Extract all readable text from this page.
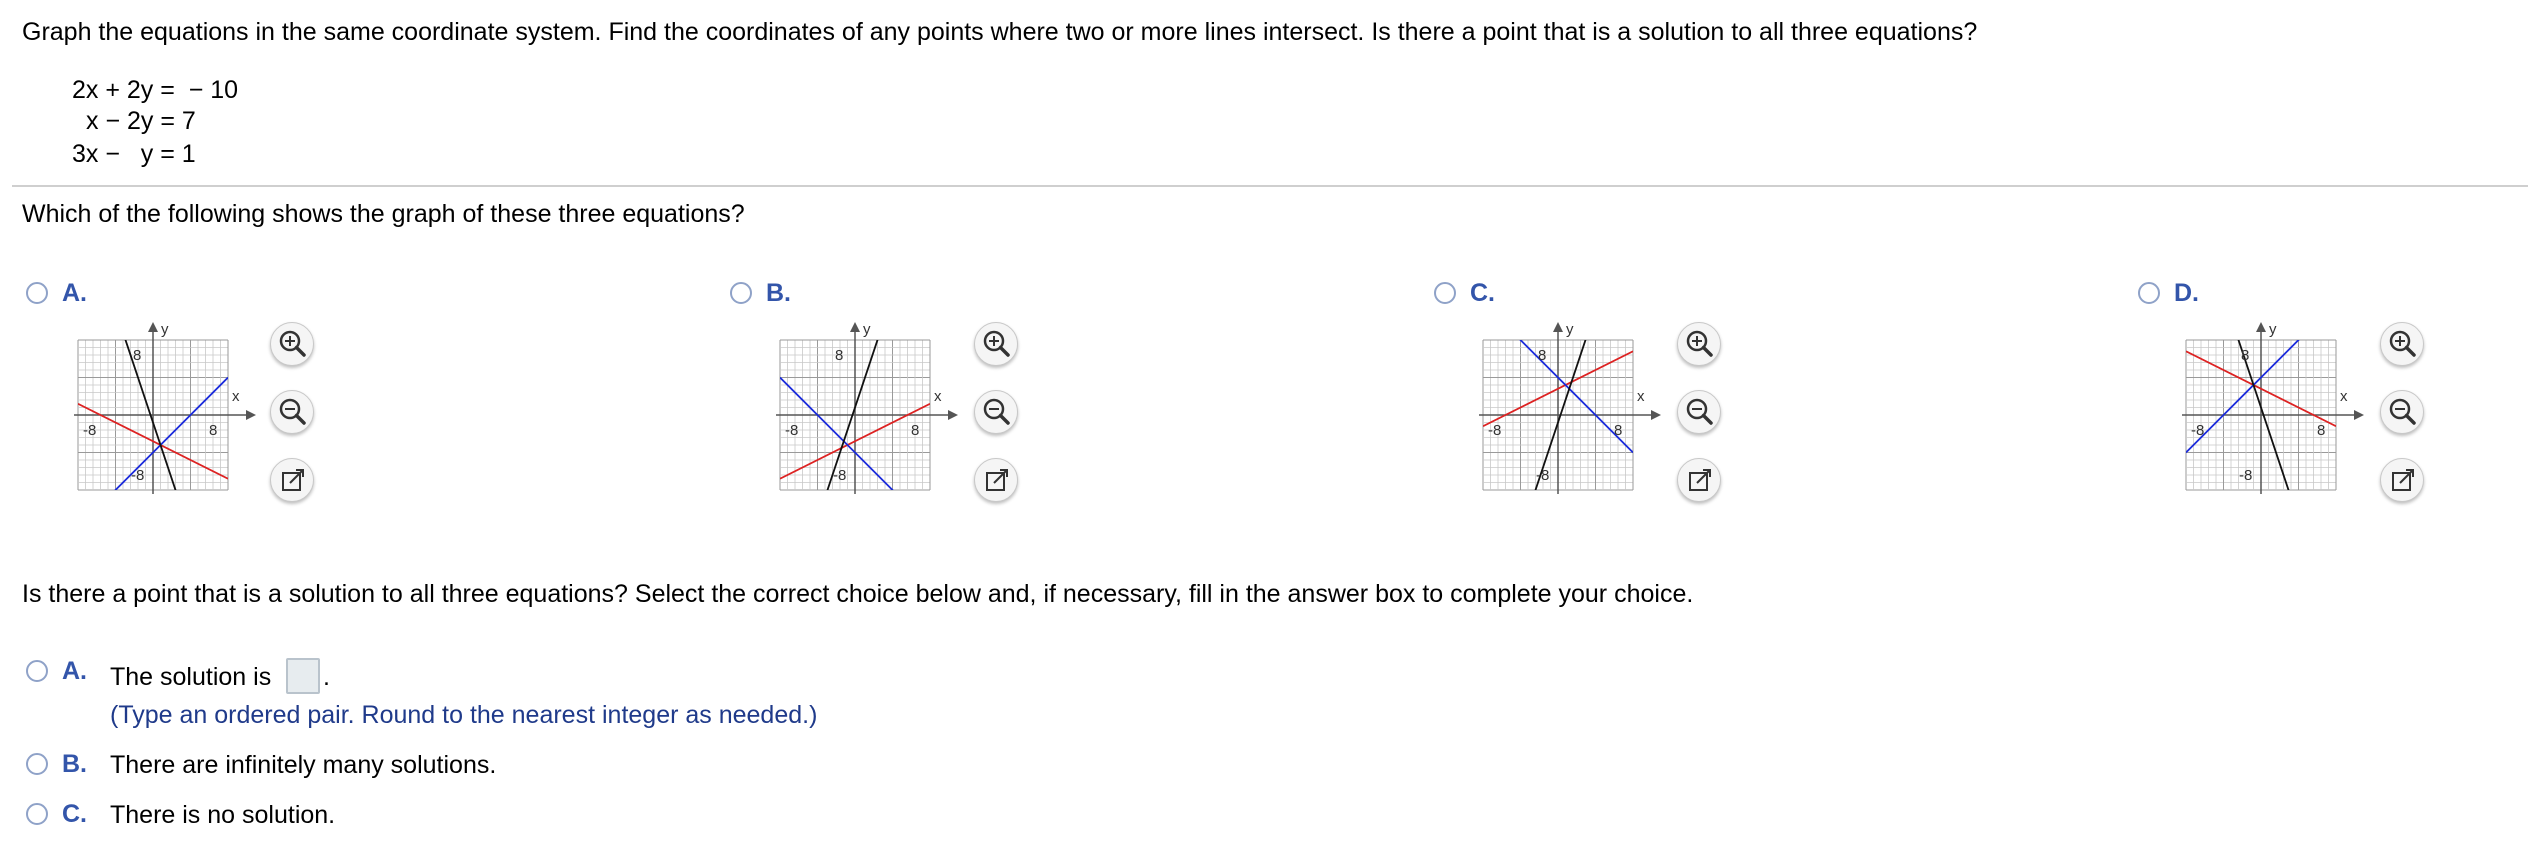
Graph the equations in the same coordinate system. Find the coordinates of any points where two or more lines intersect. Is there a point that is a solution to all three equations?
2x + 2y =  − 10
x − 2y = 7
3x −   y = 1
Which of the following shows the graph of these three equations?
A.
x
y
-8	8
8
-8
B.
x
y
-8	8
8
-8
C.
x
y
-8	8
8
-8
D.
x
y
-8	8
8
-8
Is there a point that is a solution to all three equations? Select the correct choice below and, if necessary, fill in the answer box to complete your choice.
A. The solution is .
(Type an ordered pair. Round to the nearest integer as needed.)
B. There are infinitely many solutions.
C. There is no solution.
